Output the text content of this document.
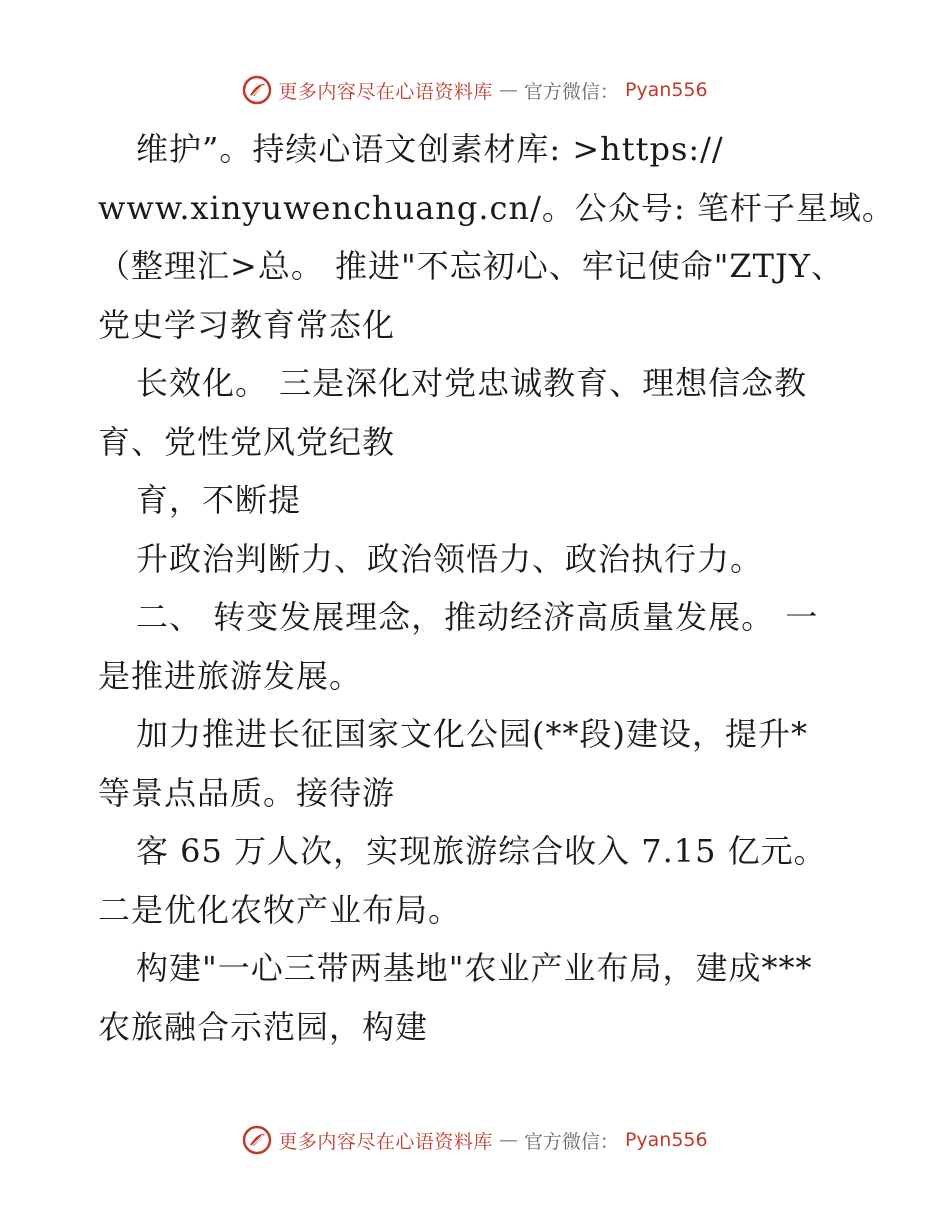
更多内容尽在心语资料库 — 官方微信： Pyan556
维护”。持续心语文创素材库: >https://
www.xinyuwenchuang.cn/。公众号: 笔杆子星域。
（整理汇>总。 推进"不忘初心、牢记使命"ZTJY、
党史学习教育常态化
长效化。 三是深化对党忠诚教育、理想信念教
育、党性党风党纪教
育，不断提
升政治判断力、政治领悟力、政治执行力。
二、 转变发展理念，推动经济高质量发展。 一
是推进旅游发展。
加力推进长征国家文化公园(**段)建设，提升*
等景点品质。接待游
客 65 万人次，实现旅游综合收入 7.15 亿元。
二是优化农牧产业布局。
构建"一心三带两基地"农业产业布局，建成***
农旅融合示范园，构建
更多内容尽在心语资料库 — 官方微信： Pyan556
